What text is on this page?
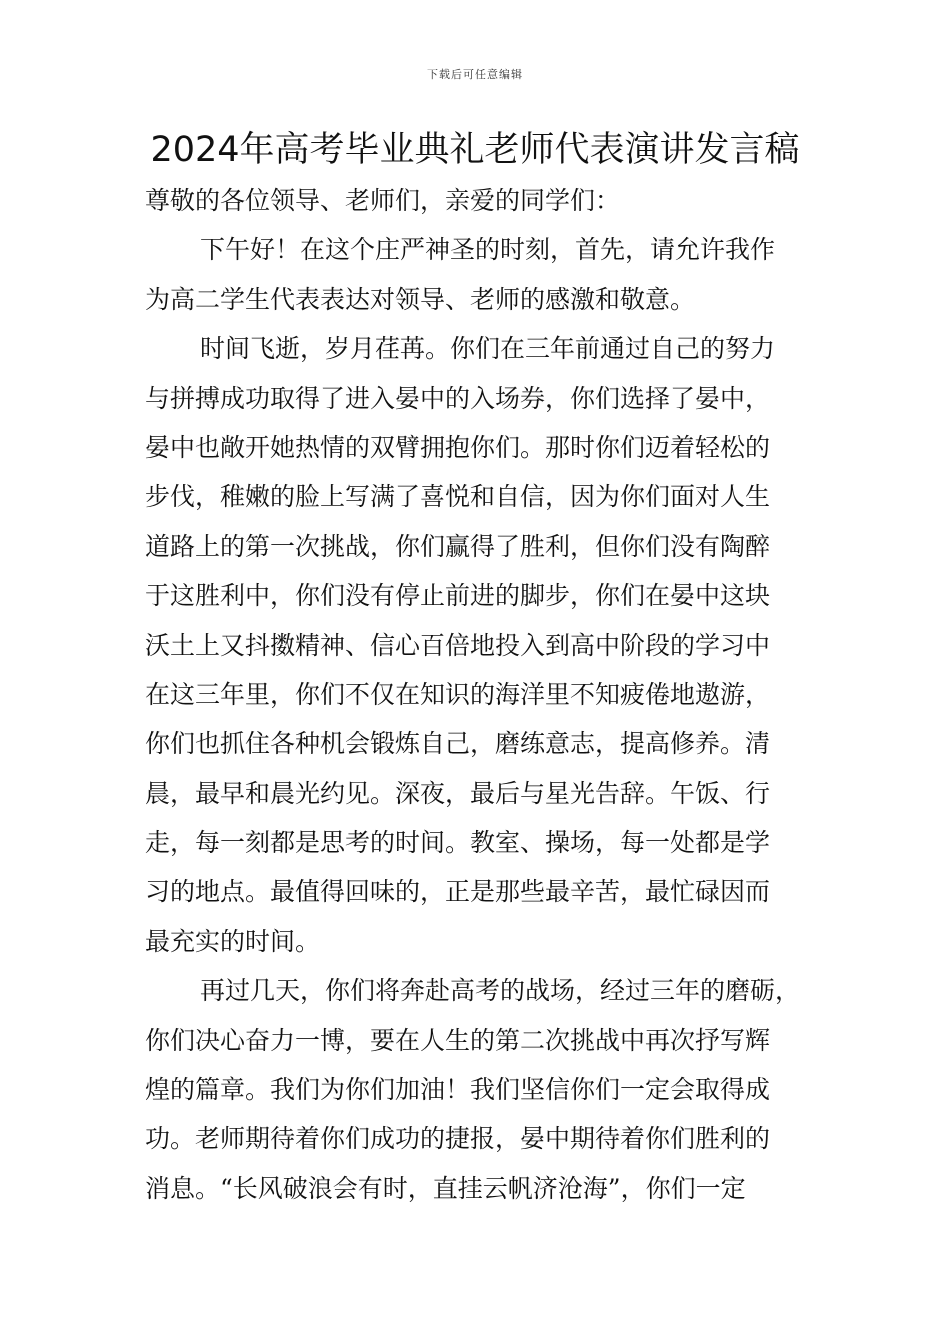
下载后可任意编辑
2024年高考毕业典礼老师代表演讲发言稿
尊敬的各位领导、老师们，亲爱的同学们：
下午好！在这个庄严神圣的时刻，首先，请允许我作
为高二学生代表表达对领导、老师的感激和敬意。
时间飞逝，岁月荏苒。你们在三年前通过自己的努力
与拼搏成功取得了进入晏中的入场券，你们选择了晏中，
晏中也敞开她热情的双臂拥抱你们。那时你们迈着轻松的
步伐，稚嫩的脸上写满了喜悦和自信，因为你们面对人生
道路上的第一次挑战，你们赢得了胜利，但你们没有陶醉
于这胜利中，你们没有停止前进的脚步，你们在晏中这块
沃土上又抖擞精神、信心百倍地投入到高中阶段的学习中
在这三年里，你们不仅在知识的海洋里不知疲倦地遨游，
你们也抓住各种机会锻炼自己，磨练意志，提高修养。清
晨，最早和晨光约见。深夜，最后与星光告辞。午饭、行
走，每一刻都是思考的时间。教室、操场，每一处都是学
习的地点。最值得回味的，正是那些最辛苦，最忙碌因而
最充实的时间。
再过几天，你们将奔赴高考的战场，经过三年的磨砺，
你们决心奋力一博，要在人生的第二次挑战中再次抒写辉
煌的篇章。我们为你们加油！我们坚信你们一定会取得成
功。老师期待着你们成功的捷报，晏中期待着你们胜利的
消息。“长风破浪会有时，直挂云帆济沧海”，你们一定
